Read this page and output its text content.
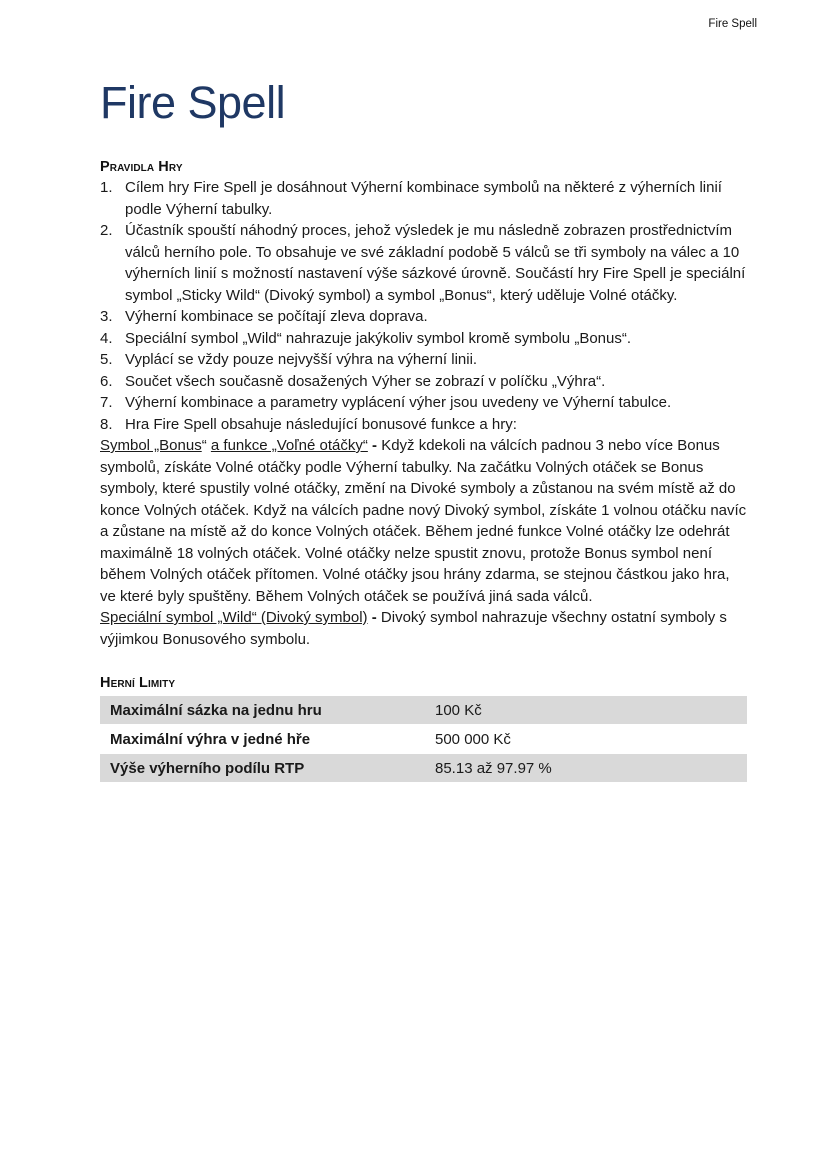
Fire Spell
Fire Spell
Pravidla Hry
1. Cílem hry Fire Spell je dosáhnout Výherní kombinace symbolů na některé z výherních linií podle Výherní tabulky.
2. Účastník spouští náhodný proces, jehož výsledek je mu následně zobrazen prostřednictvím válců herního pole. To obsahuje ve své základní podobě 5 válců se tři symboly na válec a 10 výherních linií s možností nastavení výše sázkové úrovně. Součástí hry Fire Spell je speciální symbol „Sticky Wild“ (Divoký symbol) a symbol „Bonus“, který uděluje Volné otáčky.
3. Výherní kombinace se počítají zleva doprava.
4. Speciální symbol „Wild“ nahrazuje jakýkoliv symbol kromě symbolu „Bonus“.
5. Vyplácí se vždy pouze nejvyšší výhra na výherní linii.
6. Součet všech současně dosažených Výher se zobrazí v políčku „Výhra“.
7. Výherní kombinace a parametry vyplácení výher jsou uvedeny ve Výherní tabulce.
8. Hra Fire Spell obsahuje následující bonusové funkce a hry:

Symbol „Bonus“ a funkce „Voľné otáčky“ - Když kdekoli na válcích padnou 3 nebo více Bonus symbolů, získáte Volné otáčky podle Výherní tabulky. Na začátku Volných otáček se Bonus symboly, které spustily volné otáčky, změní na Divoké symboly a zůstanou na svém místě až do konce Volných otáček. Když na válcích padne nový Divoký symbol, získáte 1 volnou otáčku navíc a zůstane na místě až do konce Volných otáček. Během jedné funkce Volné otáčky lze odehrát maximálně 18 volných otáček. Volné otáčky nelze spustit znovu, protože Bonus symbol není během Volných otáček přítomen. Volné otáčky jsou hrány zdarma, se stejnou částkou jako hra, ve které byly spuštěny. Během Volných otáček se používá jiná sada válců.

Speciální symbol „Wild“ (Divoký symbol) - Divoký symbol nahrazuje všechny ostatní symboly s výjimkou Bonusového symbolu.

Herní Limity
Maximální sázka na jednu hru	100 Kč
Maximální výhra v jedné hře	500 000 Kč
Výše výherního podílu RTP	85.13 až 97.97 %
